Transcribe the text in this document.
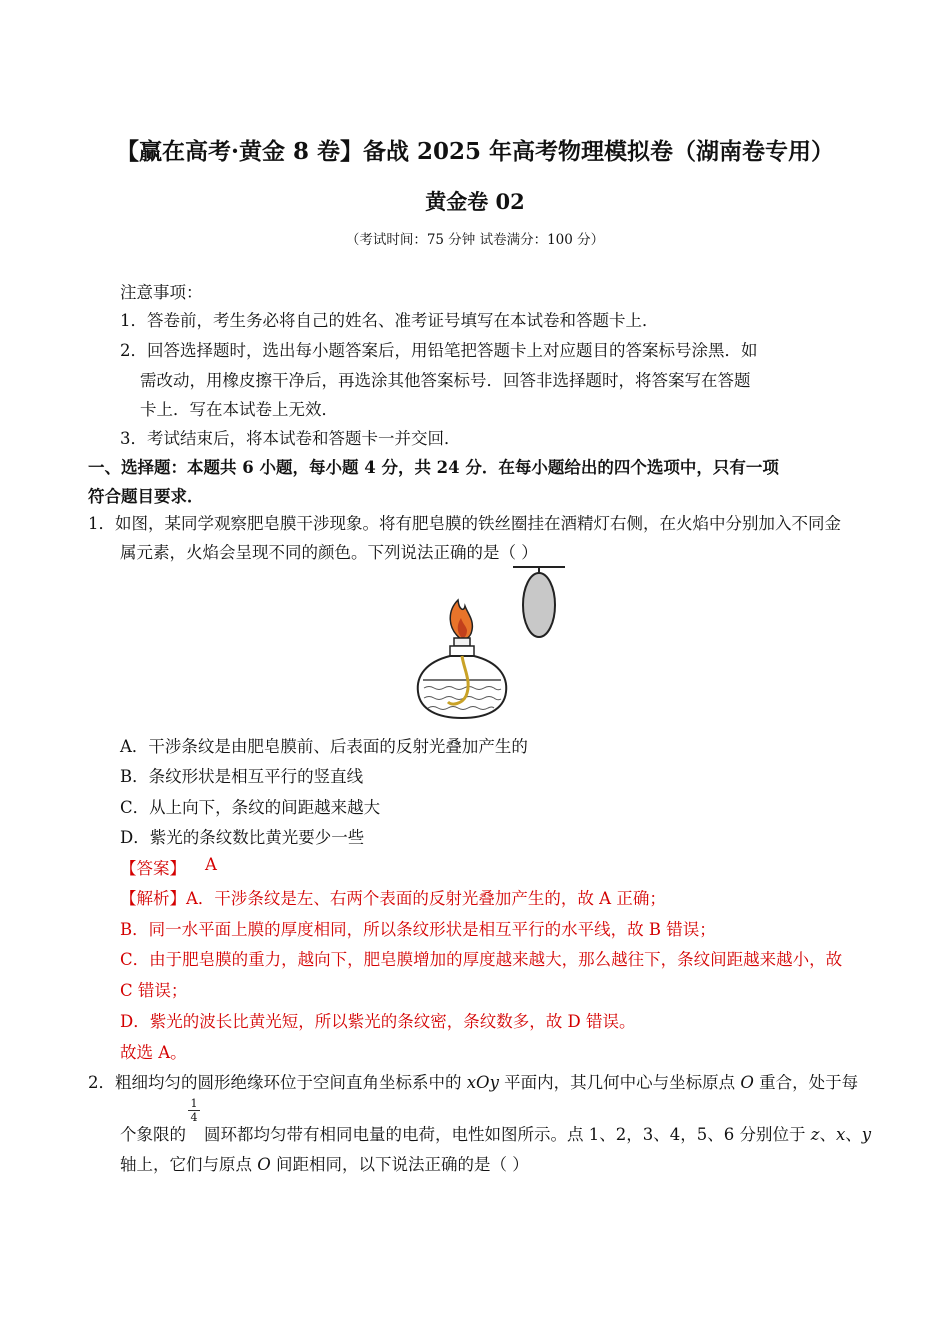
【赢在高考·黄金 8 卷】备战 2025 年高考物理模拟卷（湖南卷专用）
黄金卷 02
（考试时间：75 分钟 试卷满分：100 分）
注意事项：
1．答卷前，考生务必将自己的姓名、准考证号填写在本试卷和答题卡上．
2．回答选择题时，选出每小题答案后，用铅笔把答题卡上对应题目的答案标号涂黑．如
需改动，用橡皮擦干净后，再选涂其他答案标号．回答非选择题时，将答案写在答题
卡上．写在本试卷上无效．
3．考试结束后，将本试卷和答题卡一并交回．
一、选择题：本题共 6 小题，每小题 4 分，共 24 分．在每小题给出的四个选项中，只有一项
符合题目要求．
1．如图，某同学观察肥皂膜干涉现象。将有肥皂膜的铁丝圈挂在酒精灯右侧，在火焰中分别加入不同金
属元素，火焰会呈现不同的颜色。下列说法正确的是（ ）
A．干涉条纹是由肥皂膜前、后表面的反射光叠加产生的
B．条纹形状是相互平行的竖直线
C．从上向下，条纹的间距越来越大
D．紫光的条纹数比黄光要少一些
【答案】 A
【解析】A．干涉条纹是左、右两个表面的反射光叠加产生的，故 A 正确；
B．同一水平面上膜的厚度相同，所以条纹形状是相互平行的水平线，故 B 错误；
C．由于肥皂膜的重力，越向下，肥皂膜增加的厚度越来越大，那么越往下，条纹间距越来越小，故
C 错误；
D．紫光的波长比黄光短，所以紫光的条纹密，条纹数多，故 D 错误。
故选 A。
2．粗细均匀的圆形绝缘环位于空间直角坐标系中的 xOy 平面内，其几何中心与坐标原点 O 重合，处于每
$\frac{1}{4}$
个象限的 圆环都均匀带有相同电量的电荷，电性如图所示。点 1、2，3、4，5、6 分别位于 z、x、y
轴上，它们与原点 O 间距相同，以下说法正确的是（ ）
